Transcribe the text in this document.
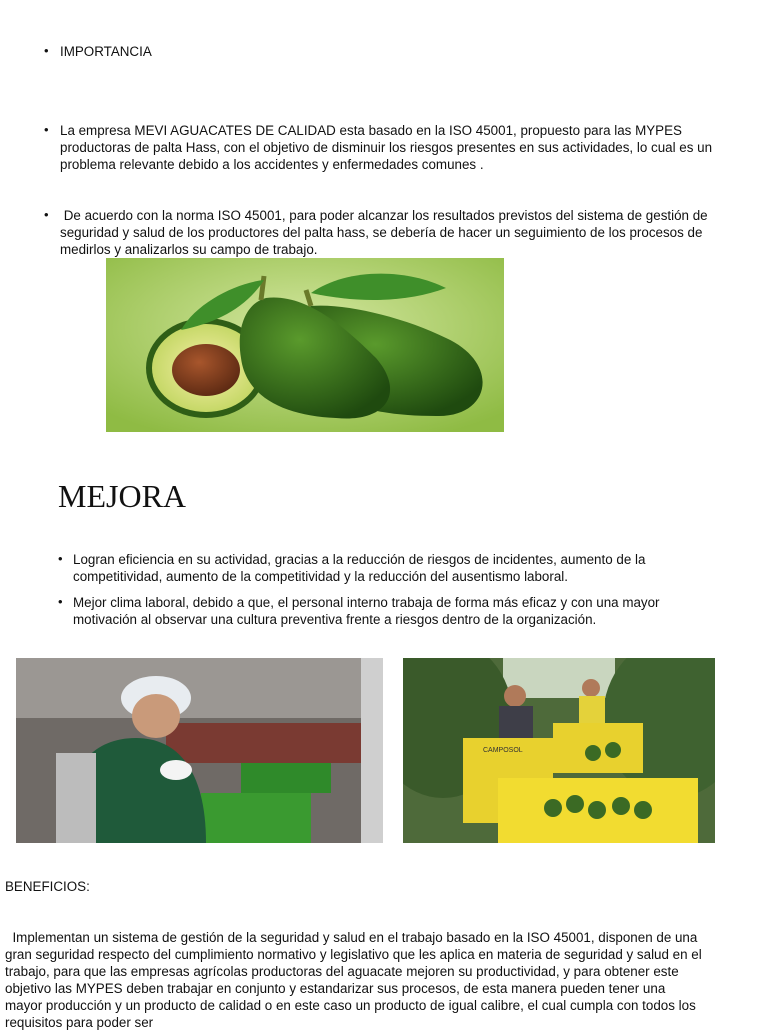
• IMPORTANCIA
• La empresa MEVI AGUACATES DE CALIDAD esta basado en la ISO 45001, propuesto para las MYPES productoras de palta Hass, con el objetivo de disminuir los riesgos presentes en sus actividades, lo cual es un problema relevante debido a los accidentes y enfermedades comunes .
• De acuerdo con la norma ISO 45001, para poder alcanzar los resultados previstos del sistema de gestión de seguridad y salud de los productores del palta hass, se debería de hacer un seguimiento de los procesos de medirlos y analizarlos su campo de trabajo.
MEJORA
• Logran eficiencia en su actividad, gracias a la reducción de riesgos de incidentes, aumento de la competitividad, aumento de la competitividad y la reducción del ausentismo laboral.
• Mejor clima laboral, debido a que, el personal interno trabaja de forma más eficaz y con una mayor motivación al observar una cultura preventiva frente a riesgos dentro de la organización.
CAMPOSOL
BENEFICIOS:
Implementan un sistema de gestión de la seguridad y salud en el trabajo basado en la ISO 45001, disponen de una gran seguridad respecto del cumplimiento normativo y legislativo que les aplica en materia de seguridad y salud en el trabajo, para que las empresas agrícolas productoras del aguacate mejoren su productividad, y para obtener este objetivo las MYPES deben trabajar en conjunto y estandarizar sus procesos, de esta manera pueden tener una mayor producción y un producto de calidad o en este caso un producto de igual calibre, el cual cumpla con todos los requisitos para poder ser
